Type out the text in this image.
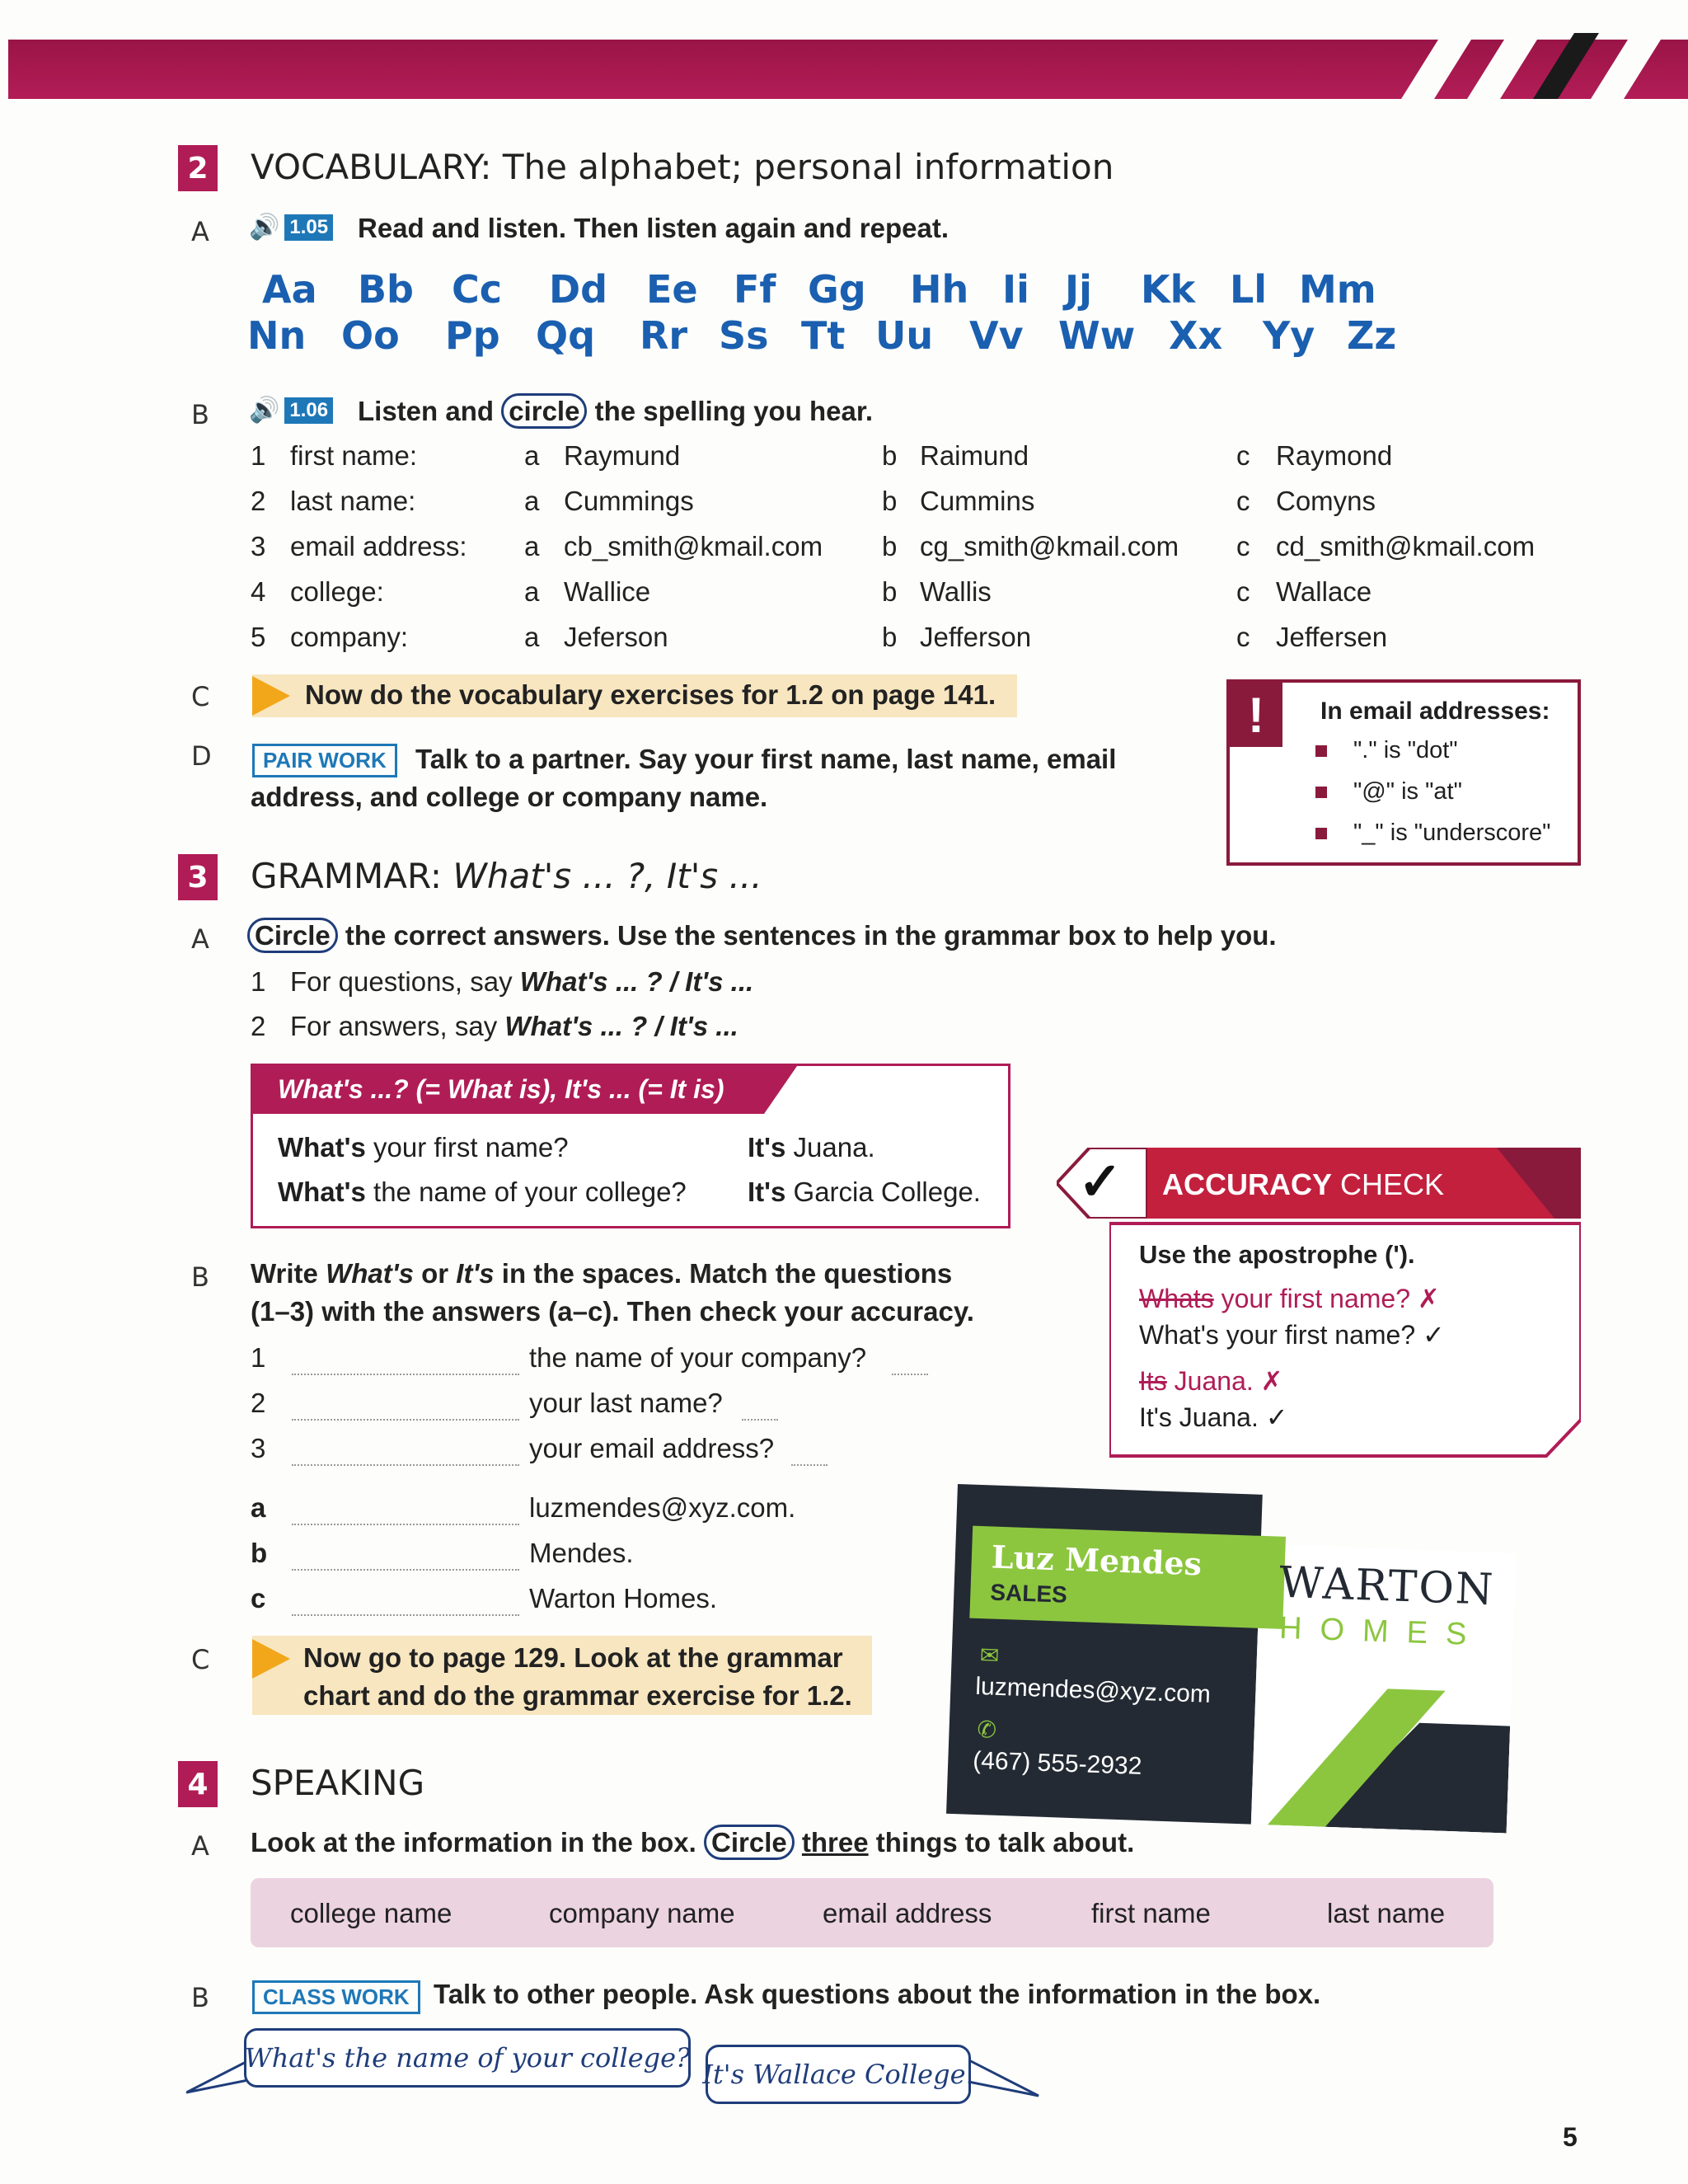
2 VOCABULARY: The alphabet; personal information
A 🔊 1.05 Read and listen. Then listen again and repeat.
B 🔊 1.06 Listen and circle the spelling you hear.
C	Now do the vocabulary exercises for 1.2 on page 141.
D	PAIR WORK	Talk to a partner. Say your first name, last name, email
address, and college or company name.
!	In email addresses:
"." is "dot"
"@" is "at"
"_" is "underscore"
3 GRAMMAR: What's ... ?, It's ...
A Circle the correct answers. Use the sentences in the grammar box to help you.
1 For questions, say What's ... ? / It's ...
2 For answers, say What's ... ? / It's ...
What's ...? (= What is), It's ... (= It is)
What's your first name?	It's Juana.
What's the name of your college? It's Garcia College. ✓ ACCURACY CHECK
Use the apostrophe (').
Whats your first name? ✗
What's your first name? ✓
Its Juana. ✗
It's Juana. ✓
B Write What's or It's in the spaces. Match the questions
(1–3) with the answers (a–c). Then check your accuracy.
1	the name of your company?
2	your last name?
3	your email address?
a	luzmendes@xyz.com.
b	Mendes.
c	Warton Homes.
Luz Mendes
SALES
✉
luzmendes@xyz.com
✆
(467) 555-2932
WARTON
HOMES
C	Now go to page 129. Look at the grammar
chart and do the grammar exercise for 1.2.
4 SPEAKING
A Look at the information in the box. Circle three things to talk about.
college name	company name	email address	first name	last name
B	CLASS WORK Talk to other people. Ask questions about the information in the box.
What's the name of your college?
It's Wallace College.
5
Aa Bb Cc Dd Ee Ff Gg Hh Ii Jj Kk Ll Mm
Nn Oo Pp Qq Rr Ss Tt Uu Vv Ww Xx Yy Zz
1 first name:	a Raymund	b Raimund	c Raymond
2 last name:	a Cummings	b Cummins	c Comyns
3 email address: a cb_smith@kmail.com b cg_smith@kmail.com c cd_smith@kmail.com
4 college:	a Wallice	b Wallis	c Wallace
5 company:	a Jeferson	b Jefferson	c Jeffersen
